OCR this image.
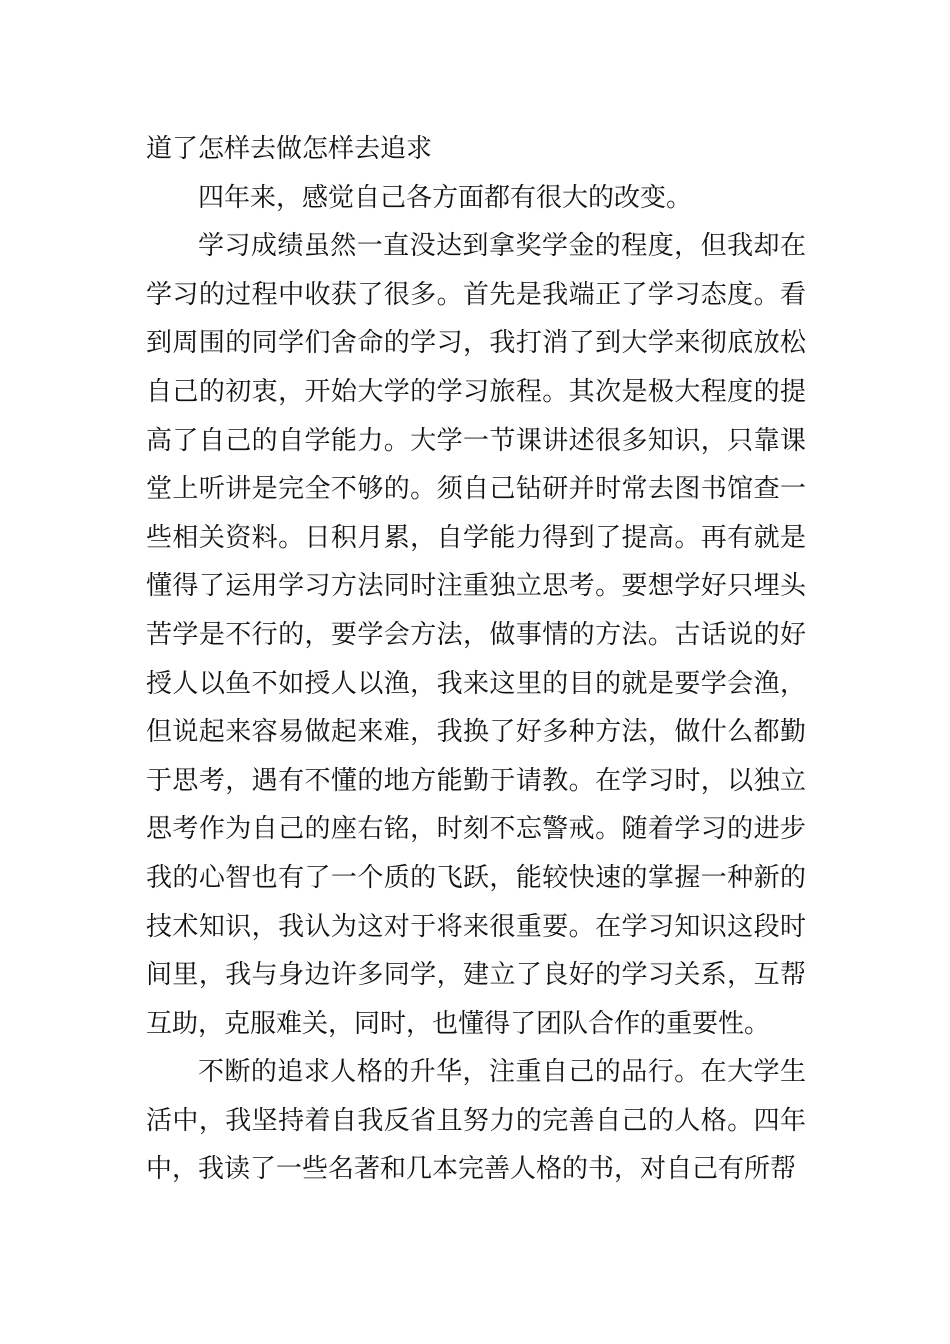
道了怎样去做怎样去追求

四年来，感觉自己各方面都有很大的改变。

学习成绩虽然一直没达到拿奖学金的程度，但我却在学习的过程中收获了很多。首先是我端正了学习态度。看到周围的同学们舍命的学习，我打消了到大学来彻底放松自己的初衷，开始大学的学习旅程。其次是极大程度的提高了自己的自学能力。大学一节课讲述很多知识，只靠课堂上听讲是完全不够的。须自己钻研并时常去图书馆查一些相关资料。日积月累，自学能力得到了提高。再有就是懂得了运用学习方法同时注重独立思考。要想学好只埋头苦学是不行的，要学会方法，做事情的方法。古话说的好授人以鱼不如授人以渔，我来这里的目的就是要学会渔，但说起来容易做起来难，我换了好多种方法，做什么都勤于思考，遇有不懂的地方能勤于请教。在学习时，以独立思考作为自己的座右铭，时刻不忘警戒。随着学习的进步我的心智也有了一个质的飞跃，能较快速的掌握一种新的技术知识，我认为这对于将来很重要。在学习知识这段时间里，我与身边许多同学，建立了良好的学习关系，互帮互助，克服难关，同时，也懂得了团队合作的重要性。

不断的追求人格的升华，注重自己的品行。在大学生活中，我坚持着自我反省且努力的完善自己的人格。四年中，我读了一些名著和几本完善人格的书，对自己有所帮
